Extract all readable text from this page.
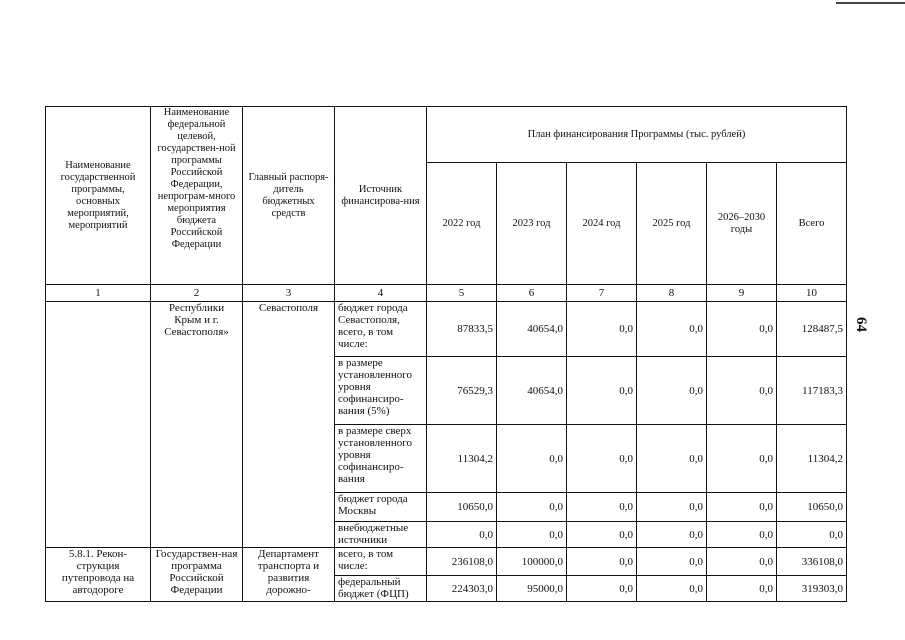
64
Наименование государственной программы, основных мероприятий, мероприятий	Наименование федеральной целевой, государствен-ной программы Российской Федерации, непрограм-много мероприятия бюджета Российской Федерации	Главный распоря-дитель бюджетных средств	Источник финансирова-ния	План финансирования Программы (тыс. рублей)					
				2022 год	2023 год	2024 год	2025 год	2026–2030 годы	Всего
1	2	3	4	5	6	7	8	9	10
	Республики Крым и г. Севастополя»	Севастополя	бюджет города Севастополя, всего, в том числе:	87833,5	40654,0	0,0	0,0	0,0	128487,5
			в размере установленного уровня софинансиро-вания (5%)	76529,3	40654,0	0,0	0,0	0,0	117183,3
			в размере сверх установленного уровня софинансиро-вания	11304,2	0,0	0,0	0,0	0,0	11304,2
			бюджет города Москвы	10650,0	0,0	0,0	0,0	0,0	10650,0
			внебюджетные источники	0,0	0,0	0,0	0,0	0,0	0,0
5.8.1. Рекон-струкция путепровода на автодороге	Государствен-ная программа Российской Федерации	Департамент транспорта и развития дорожно-	всего, в том числе:	236108,0	100000,0	0,0	0,0	0,0	336108,0
			федеральный бюджет (ФЦП)	224303,0	95000,0	0,0	0,0	0,0	319303,0
